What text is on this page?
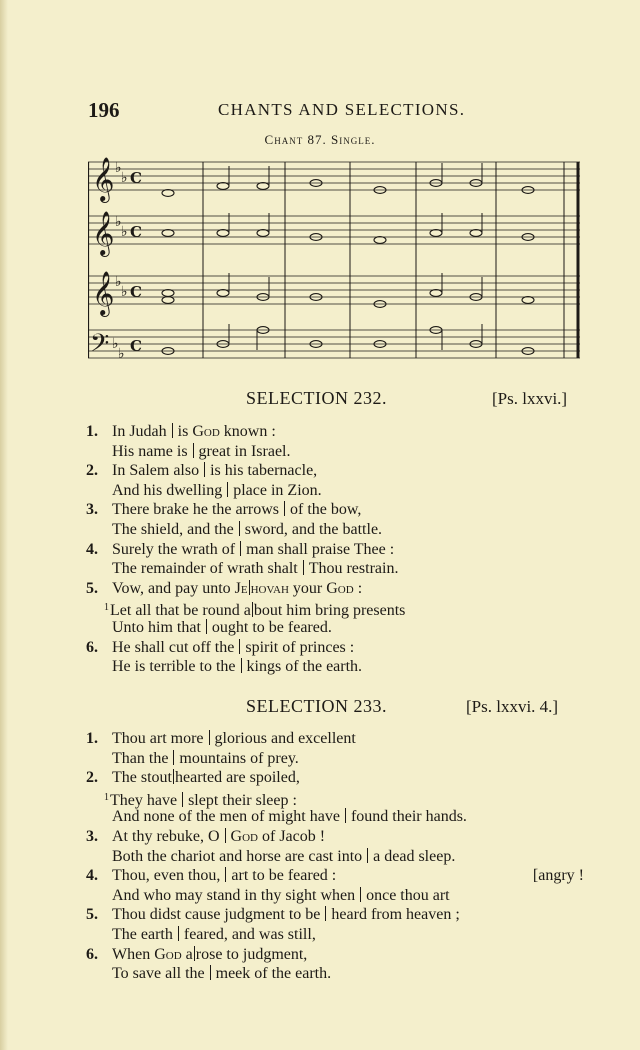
196	CHANTS AND SELECTIONS.
Chant 87. Single.
𝄞
𝄞
𝄞
𝄢
♭
♭
♭
♭
♭
♭
♭
♭
C
C
C
C
SELECTION 232.	[Ps. lxxvi.]
1. In Judah is God known :
His name is great in Israel.
2. In Salem also is his tabernacle,
And his dwelling place in Zion.
3. There brake he the arrows of the bow,
The shield, and the sword, and the battle.
4. Surely the wrath of man shall praise Thee :
The remainder of wrath shalt Thou restrain.
5. Vow, and pay unto Je hovah your God :
$^1$Let all that be round a bout him bring presents
Unto him that ought to be feared.
6. He shall cut off the spirit of princes :
He is terrible to the kings of the earth.
SELECTION 233.	[Ps. lxxvi. 4.]
1. Thou art more glorious and excellent
Than the mountains of prey.
2. The stout hearted are spoiled,
$^1$They have slept their sleep :
And none of the men of might have found their hands.
3. At thy rebuke, O God of Jacob !
Both the chariot and horse are cast into a dead sleep.
4. Thou, even thou, art to be feared :	[angry !
And who may stand in thy sight when once thou art
5. Thou didst cause judgment to be heard from heaven ;
The earth feared, and was still,
6. When God a rose to judgment,
To save all the meek of the earth.
